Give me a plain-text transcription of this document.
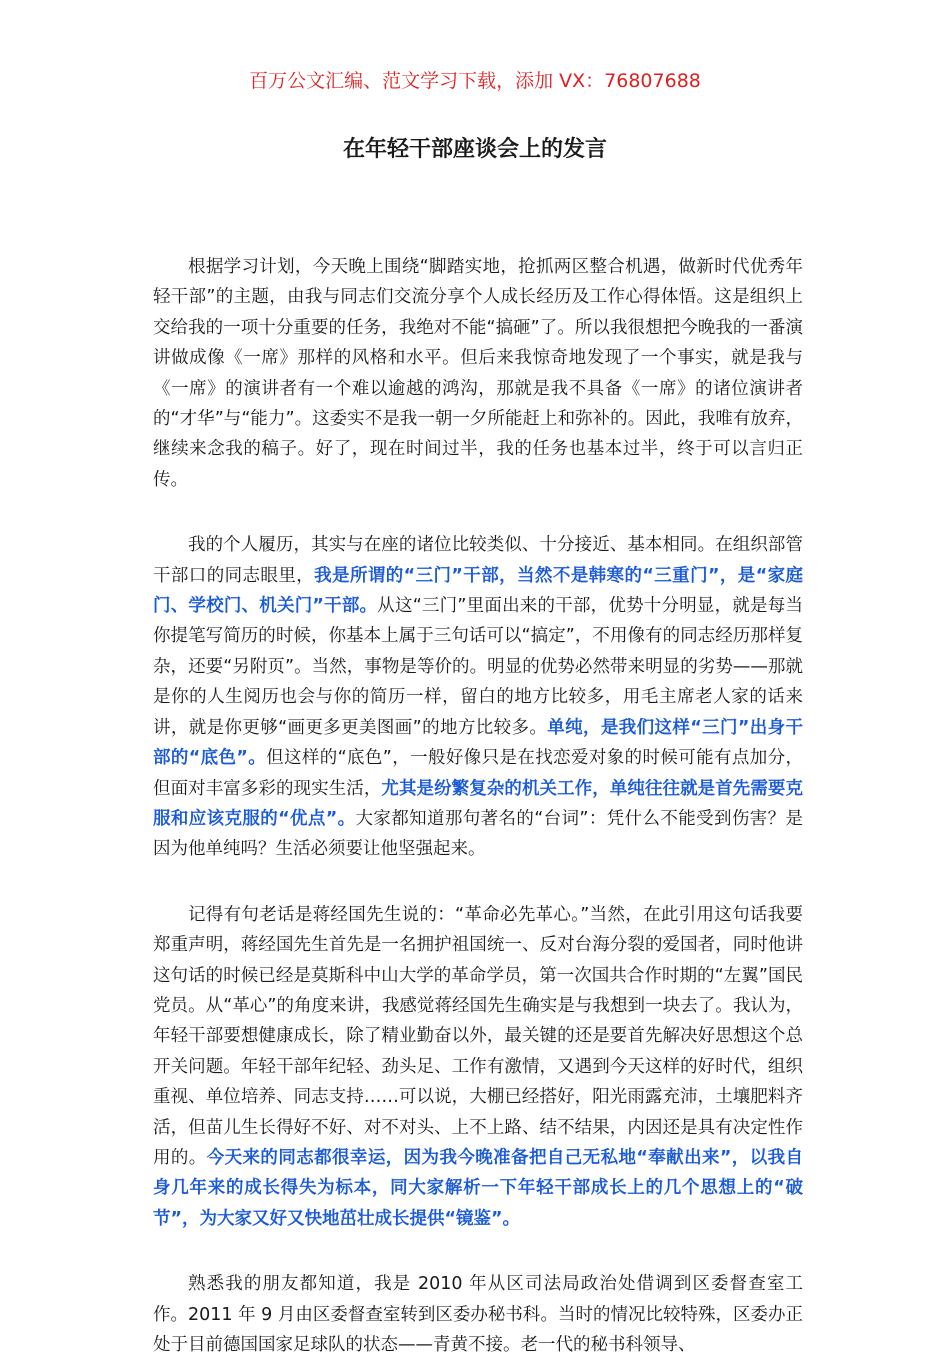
百万公文汇编、范文学习下载，添加 VX：76807688
在年轻干部座谈会上的发言

根据学习计划，今天晚上围绕“脚踏实地，抢抓两区整合机遇，做新时代优秀年轻干部”的主题，由我与同志们交流分享个人成长经历及工作心得体悟。这是组织上交给我的一项十分重要的任务，我绝对不能“搞砸”了。所以我很想把今晚我的一番演讲做成像《一席》那样的风格和水平。但后来我惊奇地发现了一个事实，就是我与《一席》的演讲者有一个难以逾越的鸿沟，那就是我不具备《一席》的诸位演讲者的“才华”与“能力”。这委实不是我一朝一夕所能赶上和弥补的。因此，我唯有放弃，继续来念我的稿子。好了，现在时间过半，我的任务也基本过半，终于可以言归正传。

我的个人履历，其实与在座的诸位比较类似、十分接近、基本相同。在组织部管干部口的同志眼里，我是所谓的“三门”干部，当然不是韩寒的“三重门”，是“家庭门、学校门、机关门”干部。从这“三门”里面出来的干部，优势十分明显，就是每当你提笔写简历的时候，你基本上属于三句话可以“搞定”，不用像有的同志经历那样复杂，还要“另附页”。当然，事物是等价的。明显的优势必然带来明显的劣势——那就是你的人生阅历也会与你的简历一样，留白的地方比较多，用毛主席老人家的话来讲，就是你更够“画更多更美图画”的地方比较多。单纯，是我们这样“三门”出身干部的“底色”。但这样的“底色”，一般好像只是在找恋爱对象的时候可能有点加分，但面对丰富多彩的现实生活，尤其是纷繁复杂的机关工作，单纯往往就是首先需要克服和应该克服的“优点”。大家都知道那句著名的“台词”：凭什么不能受到伤害？是因为他单纯吗？生活必须要让他坚强起来。

记得有句老话是蒋经国先生说的：“革命必先革心。”当然，在此引用这句话我要郑重声明，蒋经国先生首先是一名拥护祖国统一、反对台海分裂的爱国者，同时他讲这句话的时候已经是莫斯科中山大学的革命学员，第一次国共合作时期的“左翼”国民党员。从“革心”的角度来讲，我感觉蒋经国先生确实是与我想到一块去了。我认为，年轻干部要想健康成长，除了精业勤奋以外，最关键的还是要首先解决好思想这个总开关问题。年轻干部年纪轻、劲头足、工作有激情，又遇到今天这样的好时代，组织重视、单位培养、同志支持……可以说，大棚已经搭好，阳光雨露充沛，土壤肥料齐活，但苗儿生长得好不好、对不对头、上不上路、结不结果，内因还是具有决定性作用的。今天来的同志都很幸运，因为我今晚准备把自己无私地“奉献出来”，以我自身几年来的成长得失为标本，同大家解析一下年轻干部成长上的几个思想上的“破节”，为大家又好又快地茁壮成长提供“镜鉴”。

熟悉我的朋友都知道，我是 2010 年从区司法局政治处借调到区委督查室工作。2011 年 9 月由区委督查室转到区委办秘书科。当时的情况比较特殊，区委办正处于目前德国国家足球队的状态——青黄不接。老一代的秘书科领导、
